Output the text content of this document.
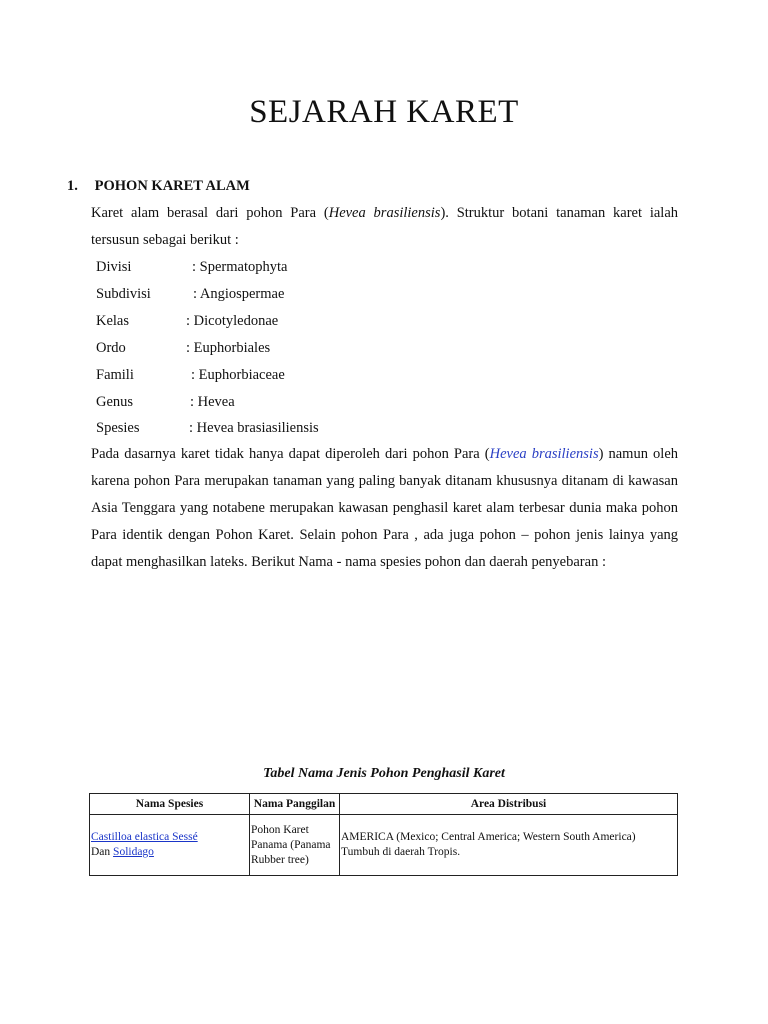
SEJARAH KARET
1. POHON KARET ALAM
Karet alam berasal dari pohon Para (Hevea brasiliensis). Struktur botani tanaman karet ialah tersusun sebagai berikut :
Divisi	: Spermatophyta
Subdivisi	: Angiospermae
Kelas	: Dicotyledonae
Ordo	: Euphorbiales
Famili	: Euphorbiaceae
Genus	: Hevea
Spesies	: Hevea brasiasiliensis
Pada dasarnya karet tidak hanya dapat diperoleh dari pohon Para (Hevea brasiliensis) namun oleh karena pohon Para merupakan tanaman yang paling banyak ditanam khususnya ditanam di kawasan Asia Tenggara yang notabene merupakan kawasan penghasil karet alam terbesar dunia maka pohon Para identik dengan Pohon Karet. Selain pohon Para , ada juga pohon – pohon jenis lainya yang dapat menghasilkan lateks. Berikut Nama - nama spesies pohon dan daerah penyebaran :
Tabel Nama Jenis Pohon Penghasil Karet
Nama Spesies	Nama Panggilan	Area Distribusi
Castilloa elastica Sessé
Dan Solidago	Pohon Karet Panama (Panama Rubber tree)	AMERICA (Mexico; Central America; Western South America) Tumbuh di daerah Tropis.
